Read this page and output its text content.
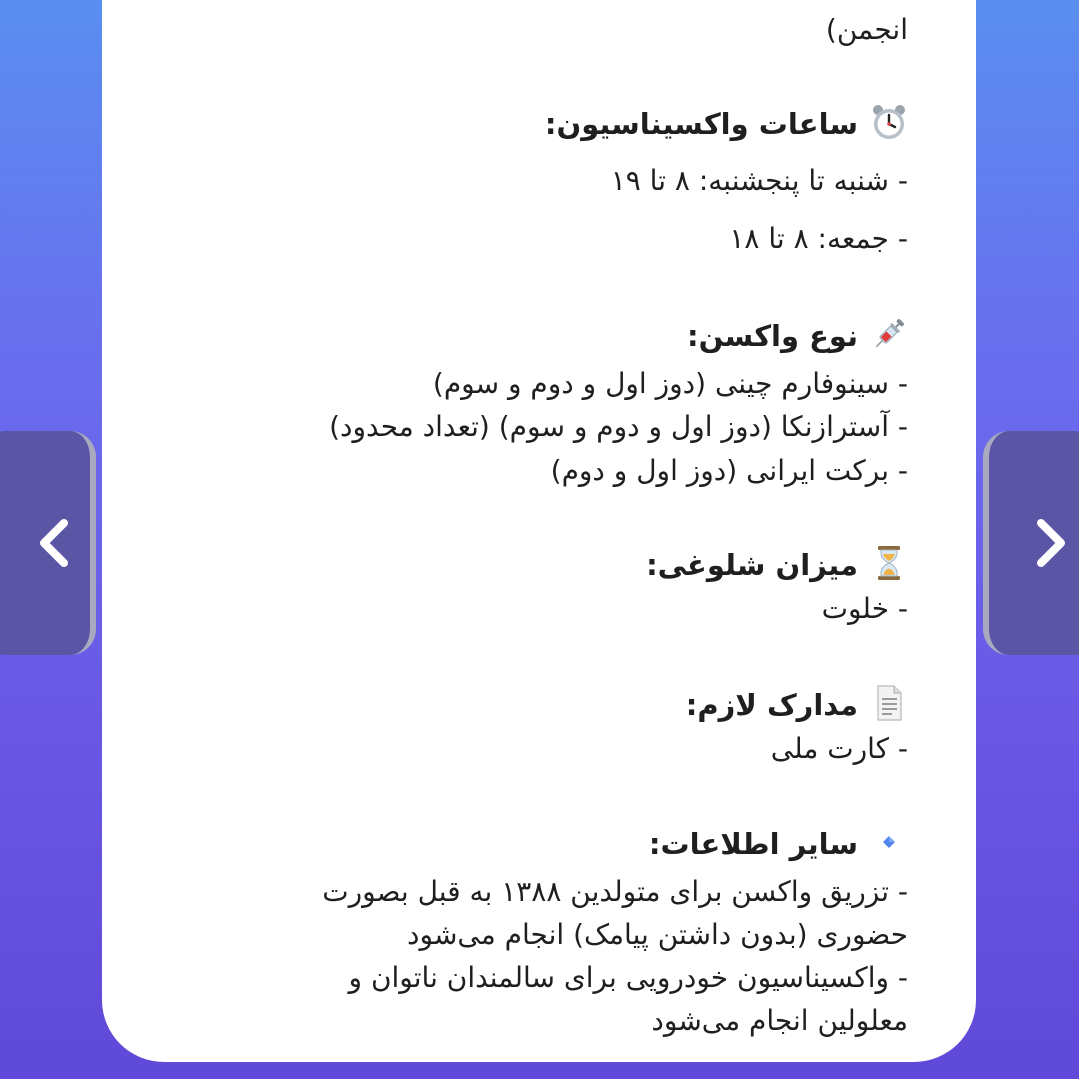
انجمن)
ساعات واکسیناسیون:
- شنبه تا پنجشنبه: ۸ تا ۱۹
- جمعه: ۸ تا ۱۸
نوع واکسن:
- سینوفارم چینی (دوز اول و دوم و سوم)
- آسترازنکا (دوز اول و دوم و سوم) (تعداد محدود)
- برکت ایرانی (دوز اول و دوم)
میزان شلوغی:
- خلوت
مدارک لازم:
- کارت ملی
سایر اطلاعات:
- تزریق واکسن برای متولدین ۱۳۸۸ به قبل بصورت
حضوری (بدون داشتن پیامک) انجام می‌شود
- واکسیناسیون خودرویی برای سالمندان ناتوان و
معلولین انجام می‌شود
